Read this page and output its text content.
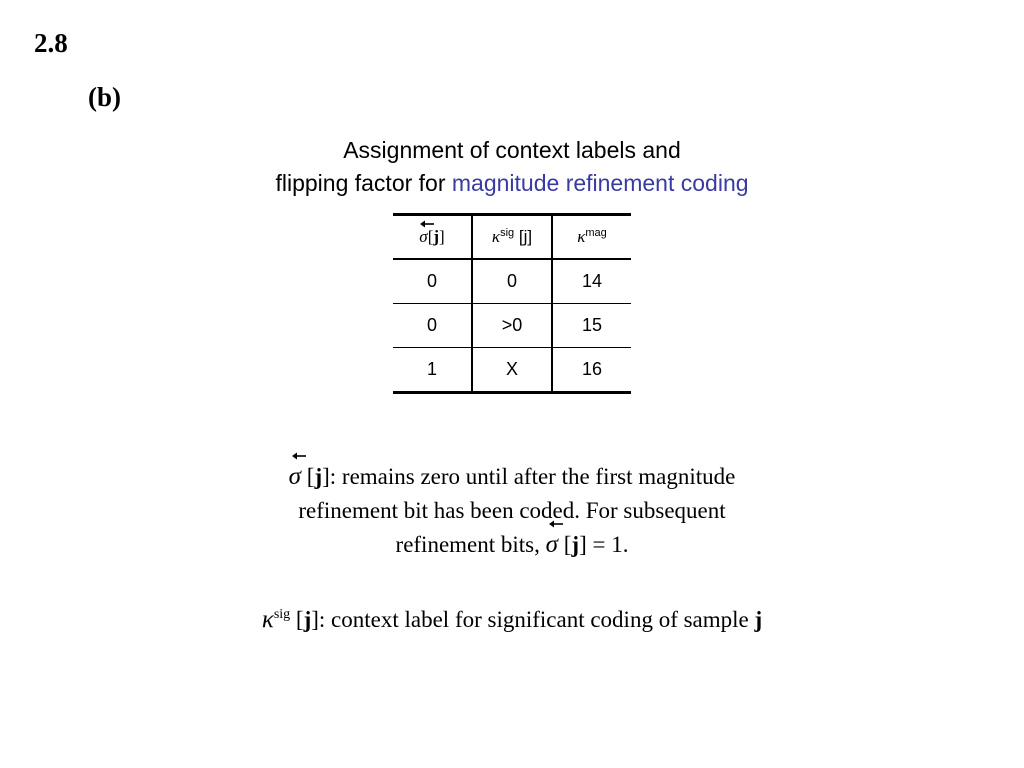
2.8
(b)
Assignment of context labels and
flipping factor for magnitude refinement coding
σ[j]	$\kappa^{sig}$ [j]	$\kappa^{mag}$
0	0	14
0	>0	15
1	X	16
σ [j]: remains zero until after the first magnitude
refinement bit has been coded. For subsequent
refinement bits,
σ [j] = 1.
$\kappa^{sig}$ [j]: context label for significant coding of sample j
